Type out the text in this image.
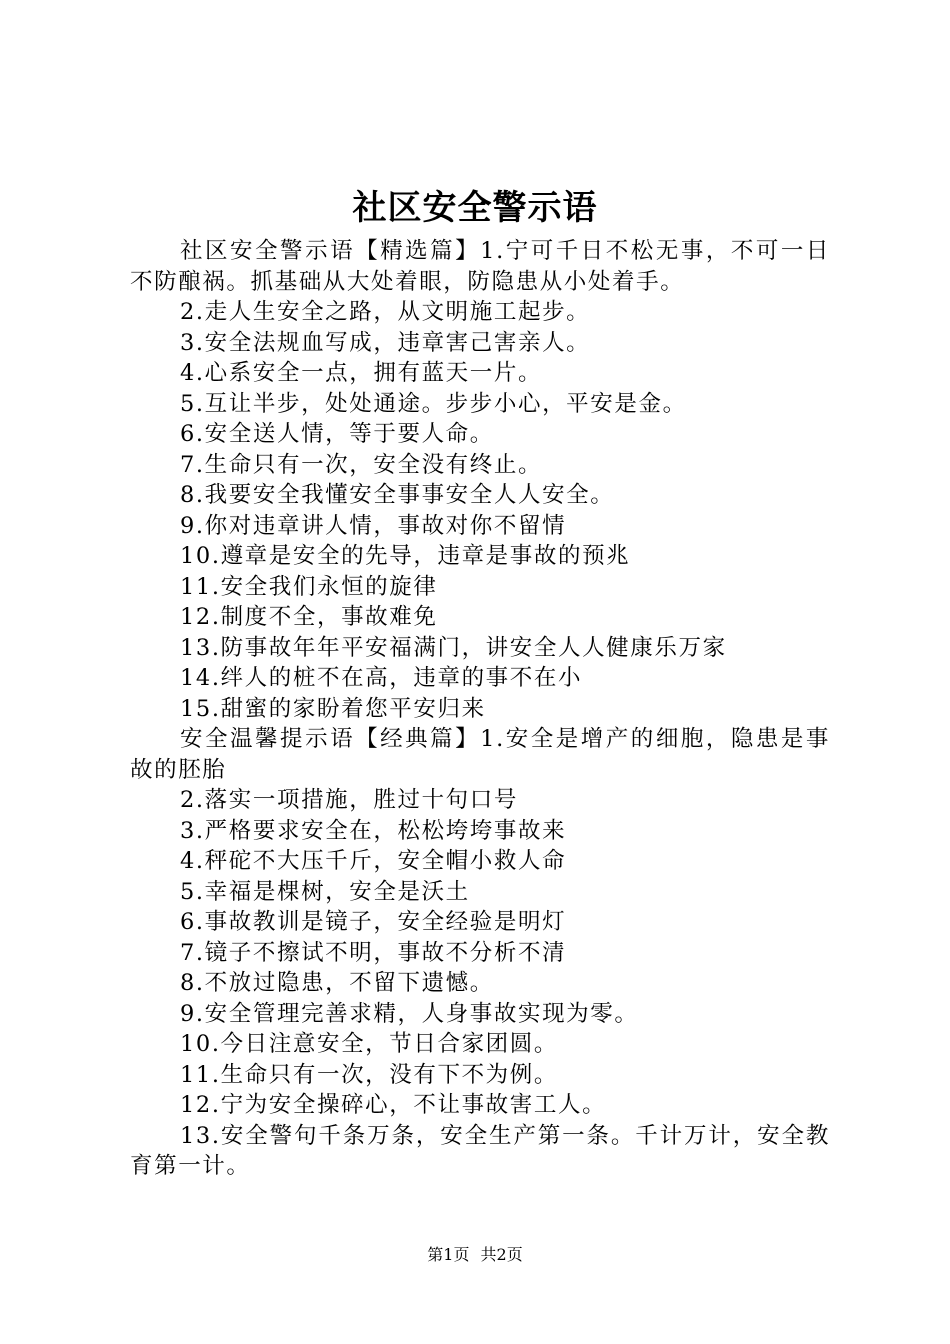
社区安全警示语

社区安全警示语【精选篇】1.宁可千日不松无事，不可一日不防酿祸。抓基础从大处着眼，防隐患从小处着手。

2.走人生安全之路，从文明施工起步。

3.安全法规血写成，违章害己害亲人。

4.心系安全一点，拥有蓝天一片。

5.互让半步，处处通途。步步小心，平安是金。

6.安全送人情，等于要人命。

7.生命只有一次，安全没有终止。

8.我要安全我懂安全事事安全人人安全。

9.你对违章讲人情，事故对你不留情

10.遵章是安全的先导，违章是事故的预兆

11.安全我们永恒的旋律

12.制度不全，事故难免

13.防事故年年平安福满门，讲安全人人健康乐万家

14.绊人的桩不在高，违章的事不在小

15.甜蜜的家盼着您平安归来

安全温馨提示语【经典篇】1.安全是增产的细胞，隐患是事故的胚胎

2.落实一项措施，胜过十句口号

3.严格要求安全在，松松垮垮事故来

4.秤砣不大压千斤，安全帽小救人命

5.幸福是棵树，安全是沃土

6.事故教训是镜子，安全经验是明灯

7.镜子不擦试不明，事故不分析不清

8.不放过隐患，不留下遗憾。

9.安全管理完善求精，人身事故实现为零。

10.今日注意安全，节日合家团圆。

11.生命只有一次，没有下不为例。

12.宁为安全操碎心，不让事故害工人。

13.安全警句千条万条，安全生产第一条。千计万计，安全教育第一计。

第1页 共2页
